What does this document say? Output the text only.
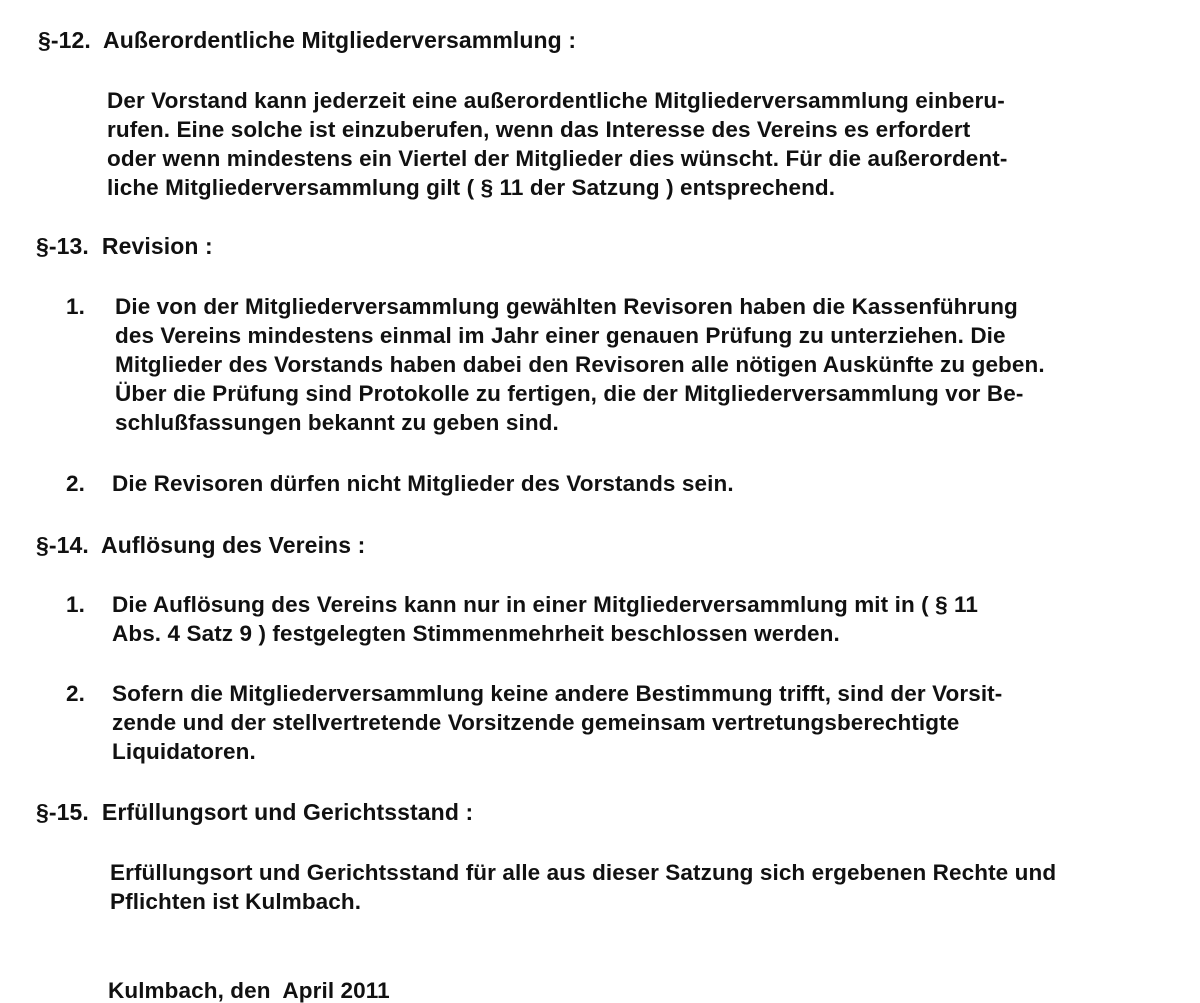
§-12.  Außerordentliche Mitgliederversammlung :
Der Vorstand kann jederzeit eine außerordentliche Mitgliederversammlung einberu-
rufen. Eine solche ist einzuberufen, wenn das Interesse des Vereins es erfordert
oder wenn mindestens ein Viertel der Mitglieder dies wünscht. Für die außerordent-
liche Mitgliederversammlung gilt ( § 11 der Satzung ) entsprechend.
§-13.  Revision :
1. Die von der Mitgliederversammlung gewählten Revisoren haben die Kassenführung
des Vereins mindestens einmal im Jahr einer genauen Prüfung zu unterziehen. Die
Mitglieder des Vorstands haben dabei den Revisoren alle nötigen Auskünfte zu geben.
Über die Prüfung sind Protokolle zu fertigen, die der Mitgliederversammlung vor Be-
schlußfassungen bekannt zu geben sind.
2. Die Revisoren dürfen nicht Mitglieder des Vorstands sein.
§-14.  Auflösung des Vereins :
1. Die Auflösung des Vereins kann nur in einer Mitgliederversammlung mit in ( § 11
Abs. 4 Satz 9 ) festgelegten Stimmenmehrheit beschlossen werden.
2. Sofern die Mitgliederversammlung keine andere Bestimmung trifft, sind der Vorsit-
zende und der stellvertretende Vorsitzende gemeinsam vertretungsberechtigte
Liquidatoren.
§-15.  Erfüllungsort und Gerichtsstand :
Erfüllungsort und Gerichtsstand für alle aus dieser Satzung sich ergebenen Rechte und
Pflichten ist Kulmbach.
Kulmbach, den  April 2011
